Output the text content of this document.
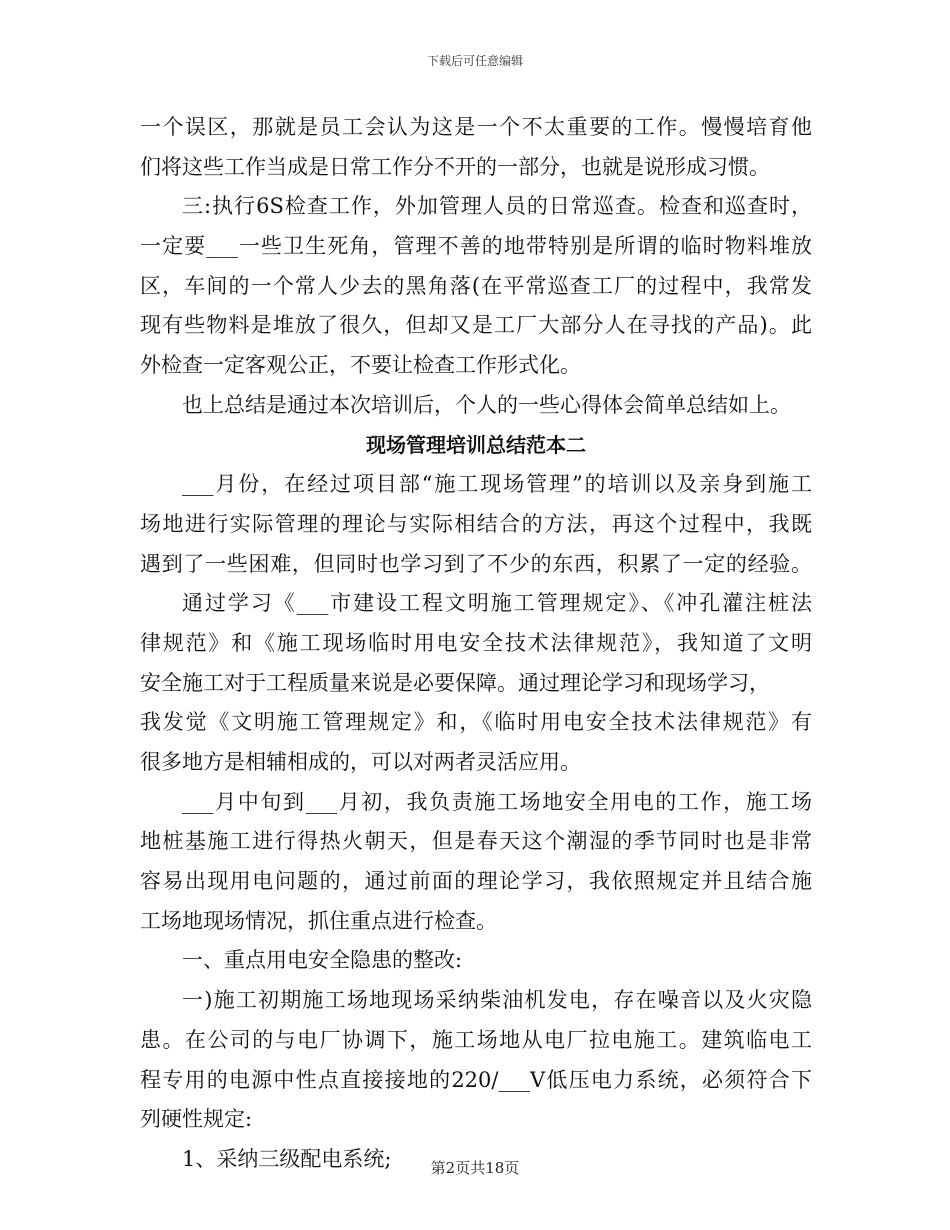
下载后可任意编辑
一个误区，那就是员工会认为这是一个不太重要的工作。慢慢培育他
们将这些工作当成是日常工作分不开的一部分，也就是说形成习惯。
三:执行6S检查工作，外加管理人员的日常巡查。检查和巡查时，
一定要___一些卫生死角，管理不善的地带特别是所谓的临时物料堆放
区，车间的一个常人少去的黑角落(在平常巡查工厂的过程中，我常发
现有些物料是堆放了很久，但却又是工厂大部分人在寻找的产品)。此
外检查一定客观公正，不要让检查工作形式化。
也上总结是通过本次培训后，个人的一些心得体会简单总结如上。
现场管理培训总结范本二
___月份，在经过项目部“施工现场管理”的培训以及亲身到施工
场地进行实际管理的理论与实际相结合的方法，再这个过程中，我既
遇到了一些困难，但同时也学习到了不少的东西，积累了一定的经验。
通过学习《___市建设工程文明施工管理规定》、《冲孔灌注桩法
律规范》和《施工现场临时用电安全技术法律规范》，我知道了文明
安全施工对于工程质量来说是必要保障。通过理论学习和现场学习，
我发觉《文明施工管理规定》和，《临时用电安全技术法律规范》有
很多地方是相辅相成的，可以对两者灵活应用。
___月中旬到___月初，我负责施工场地安全用电的工作，施工场
地桩基施工进行得热火朝天，但是春天这个潮湿的季节同时也是非常
容易出现用电问题的，通过前面的理论学习，我依照规定并且结合施
工场地现场情况，抓住重点进行检查。
一、重点用电安全隐患的整改:
一)施工初期施工场地现场采纳柴油机发电，存在噪音以及火灾隐
患。在公司的与电厂协调下，施工场地从电厂拉电施工。建筑临电工
程专用的电源中性点直接接地的220/___V低压电力系统，必须符合下
列硬性规定:
1、采纳三级配电系统;	第2页共18页
